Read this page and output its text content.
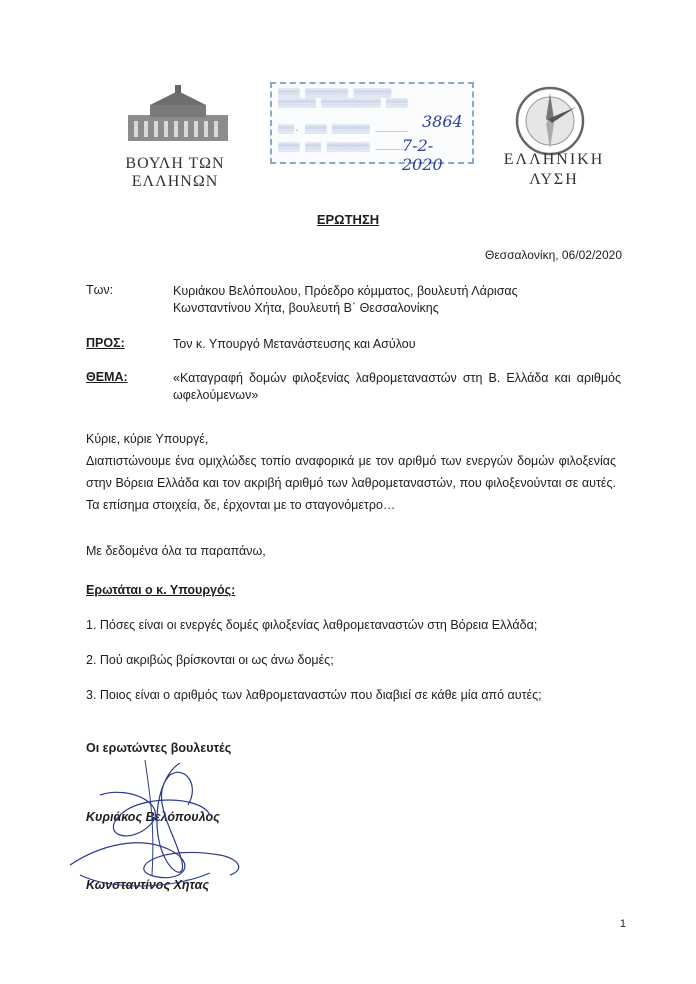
ΒΟΥΛΗ ΤΩΝ ΕΛΛΗΝΩΝ
▒▒▒▒ ▒▒▒▒▒▒▒▒ ▒▒▒▒▒▒▒
▒▒▒▒▒▒▒ ▒▒▒▒▒▒▒▒▒▒▒ ▒▒▒▒
▒▒▒. ▒▒▒▒ ▒▒▒▒▒▒▒ ______
▒▒▒▒ ▒▒▒ ▒▒▒▒▒▒▒▒ ______
3864
7-2-2020	ΕΛΛΗΝΙΚΗ
ΛΥΣΗ
ΕΡΩΤΗΣΗ
Θεσσαλονίκη, 06/02/2020
Των:	Κυριάκου Βελόπουλου, Πρόεδρο κόμματος, βουλευτή Λάρισας
Κωνσταντίνου Χήτα, βουλευτή Β΄ Θεσσαλονίκης
ΠΡΟΣ:	Τον κ. Υπουργό Μετανάστευσης και Ασύλου
ΘΕΜΑ:	«Καταγραφή δομών φιλοξενίας λαθρομεταναστών στη Β. Ελλάδα και αριθμός ωφελούμενων»
Κύριε, κύριε Υπουργέ,
Διαπιστώνουμε ένα ομιχλώδες τοπίο αναφορικά με τον αριθμό των ενεργών δομών φιλοξενίας στην Βόρεια Ελλάδα και τον ακριβή αριθμό των λαθρομεταναστών, που φιλοξενούνται σε αυτές. Τα επίσημα στοιχεία, δε, έρχονται με το σταγονόμετρο…
Με δεδομένα όλα τα παραπάνω,
Ερωτάται ο κ. Υπουργός:
1. Πόσες είναι οι ενεργές δομές φιλοξενίας λαθρομεταναστών στη Βόρεια Ελλάδα;
2. Πού ακριβώς βρίσκονται οι ως άνω δομές;
3. Ποιος είναι ο αριθμός των λαθρομεταναστών που διαβιεί σε κάθε μία από αυτές;
Οι ερωτώντες βουλευτές
Κυριάκος Βελόπουλος
Κωνσταντίνος Χήτας
1
